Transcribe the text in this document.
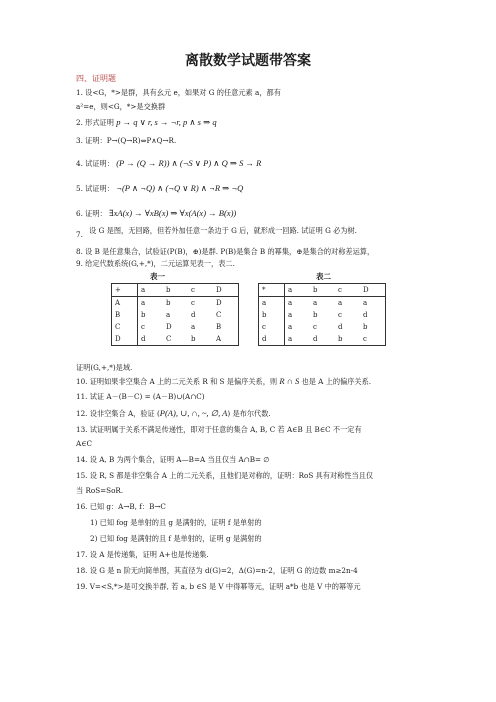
离散数学试题带答案
四、证明题
1. 设<G，*>是群，具有幺元 e，如果对 G 的任意元素 a，都有
a²=e，则<G，*>是交换群
2. 形式证明 p → q ∨ r, s → ¬r, p ∧ s ⇒ q
3. 证明：P→(Q→R)⇔P∧Q→R.
4. 试证明： (P → (Q → R)) ∧ (¬S ∨ P) ∧ Q ⇒ S → R
5. 试证明： ¬(P ∧ ¬Q) ∧ (¬Q ∨ R) ∧ ¬R ⇒ ¬Q
6. 证明： ∃xA(x) → ∀xB(x) ⇒ ∀x(A(x) → B(x))
7. 设 G 是图，无回路，但若外加任意一条边于 G 后，就形成一回路. 试证明 G 必为树.
8. 设 B 是任意集合，试验证(P(B)，⊕)是群. P(B)是集合 B 的幂集，⊕是集合的对称差运算，
9. 给定代数系统(G,+,*)，二元运算见表一，表二.
表一	表二
+	a	b	c	D
A	a	b	c	D
B	b	a	d	C
C	c	D	a	B
D	d	C	b	A
*	a	b	c	D
a	a	a	a	a
b	a	b	c	d
c	a	c	d	b
d	a	d	b	c
证明(G,+,*)是域.
10. 证明如果非空集合 A 上的二元关系 R 和 S 是偏序关系，则 R ∩ S 也是 A 上的偏序关系.
11. 试证 A－(B－C) = (A－B)∪(A∩C)
12. 设非空集合 A，验证 (P(A), ∪, ∩, ~, ∅, A) 是布尔代数.
13. 试证明属于关系不满足传递性，即对于任意的集合 A, B, C 若 A∈B 且 B∈C 不一定有
A∈C
14. 设 A, B 为两个集合，证明 A—B=A 当且仅当 A∩B= ∅
15. 设 R, S 都是非空集合 A 上的二元关系，且他们是对称的，证明：RoS 具有对称性当且仅
当 RoS=SoR.
16. 已知 g：A→B, f：B→C
1) 已知 fog 是单射的且 g 是满射的，证明 f 是单射的
2) 已知 fog 是满射的且 f 是单射的，证明 g 是满射的
17. 设 A 是传递集，证明 A+也是传递集.
18. 设 G 是 n 阶无向简单图，其直径为 d(G)=2，Δ(G)=n-2，证明 G 的边数 m≥2n-4
19. V=<S,*>是可交换半群, 若 a, b ∈S 是 V 中得幂等元，证明 a*b 也是 V 中的幂等元
